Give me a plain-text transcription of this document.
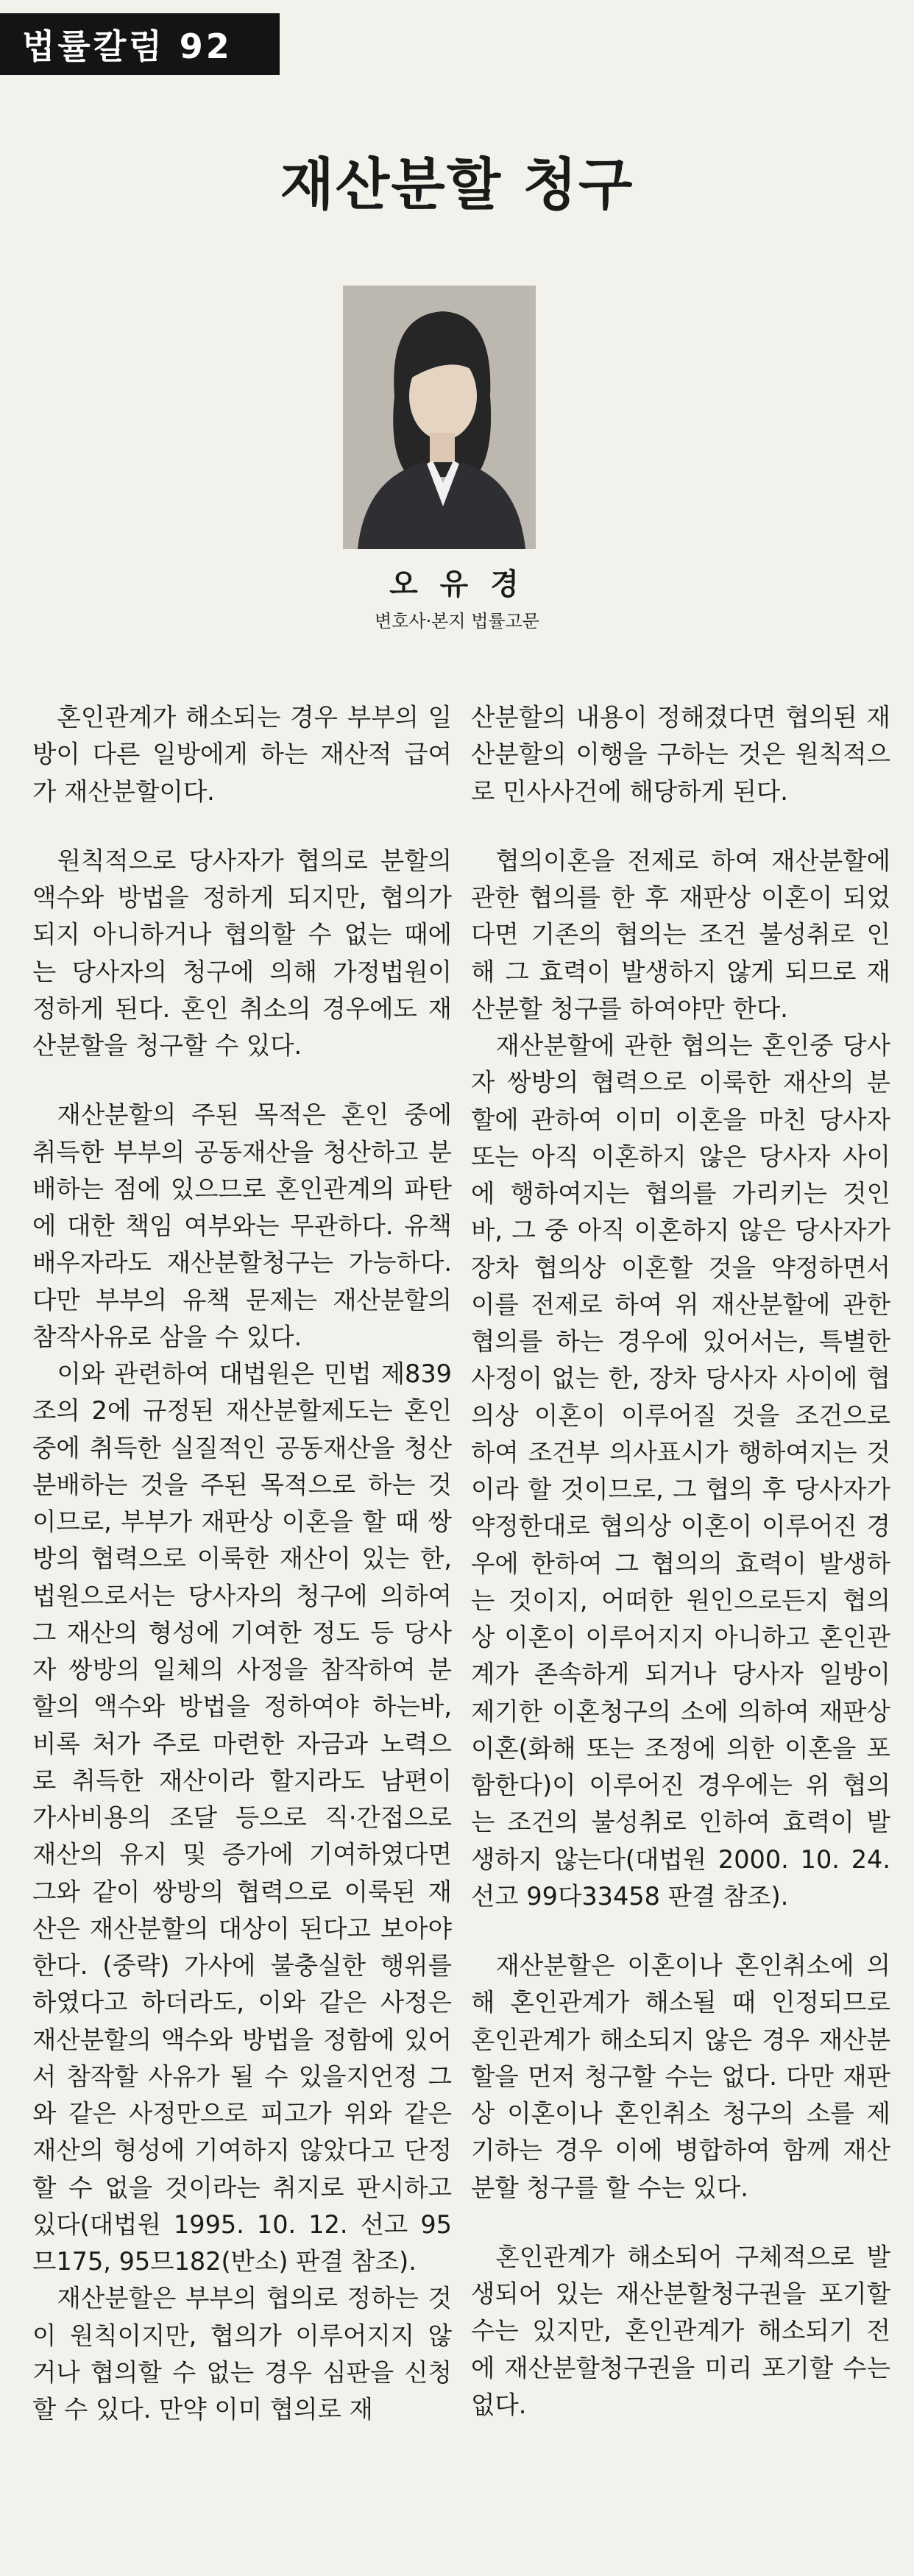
법률칼럼 92
재산분할 청구
오 유 경
변호사·본지 법률고문

혼인관계가 해소되는 경우 부부의 일방이 다른 일방에게 하는 재산적 급여가 재산분할이다.

원칙적으로 당사자가 협의로 분할의 액수와 방법을 정하게 되지만, 협의가 되지 아니하거나 협의할 수 없는 때에는 당사자의 청구에 의해 가정법원이 정하게 된다. 혼인 취소의 경우에도 재산분할을 청구할 수 있다.

재산분할의 주된 목적은 혼인 중에 취득한 부부의 공동재산을 청산하고 분배하는 점에 있으므로 혼인관계의 파탄에 대한 책임 여부와는 무관하다. 유책배우자라도 재산분할청구는 가능하다. 다만 부부의 유책 문제는 재산분할의 참작사유로 삼을 수 있다.

이와 관련하여 대법원은 민법 제839조의 2에 규정된 재산분할제도는 혼인 중에 취득한 실질적인 공동재산을 청산 분배하는 것을 주된 목적으로 하는 것이므로, 부부가 재판상 이혼을 할 때 쌍방의 협력으로 이룩한 재산이 있는 한, 법원으로서는 당사자의 청구에 의하여 그 재산의 형성에 기여한 정도 등 당사자 쌍방의 일체의 사정을 참작하여 분할의 액수와 방법을 정하여야 하는바, 비록 처가 주로 마련한 자금과 노력으로 취득한 재산이라 할지라도 남편이 가사비용의 조달 등으로 직·간접으로 재산의 유지 및 증가에 기여하였다면 그와 같이 쌍방의 협력으로 이룩된 재산은 재산분할의 대상이 된다고 보아야 한다. (중략) 가사에 불충실한 행위를 하였다고 하더라도, 이와 같은 사정은 재산분할의 액수와 방법을 정함에 있어서 참작할 사유가 될 수 있을지언정 그와 같은 사정만으로 피고가 위와 같은 재산의 형성에 기여하지 않았다고 단정할 수 없을 것이라는 취지로 판시하고 있다(대법원 1995. 10. 12. 선고 95므175, 95므182(반소) 판결 참조).

재산분할은 부부의 협의로 정하는 것이 원칙이지만, 협의가 이루어지지 않거나 협의할 수 없는 경우 심판을 신청할 수 있다. 만약 이미 협의로 재

산분할의 내용이 정해졌다면 협의된 재산분할의 이행을 구하는 것은 원칙적으로 민사사건에 해당하게 된다.

협의이혼을 전제로 하여 재산분할에 관한 협의를 한 후 재판상 이혼이 되었다면 기존의 협의는 조건 불성취로 인해 그 효력이 발생하지 않게 되므로 재산분할 청구를 하여야만 한다.

재산분할에 관한 협의는 혼인중 당사자 쌍방의 협력으로 이룩한 재산의 분할에 관하여 이미 이혼을 마친 당사자 또는 아직 이혼하지 않은 당사자 사이에 행하여지는 협의를 가리키는 것인바, 그 중 아직 이혼하지 않은 당사자가 장차 협의상 이혼할 것을 약정하면서 이를 전제로 하여 위 재산분할에 관한 협의를 하는 경우에 있어서는, 특별한 사정이 없는 한, 장차 당사자 사이에 협의상 이혼이 이루어질 것을 조건으로 하여 조건부 의사표시가 행하여지는 것이라 할 것이므로, 그 협의 후 당사자가 약정한대로 협의상 이혼이 이루어진 경우에 한하여 그 협의의 효력이 발생하는 것이지, 어떠한 원인으로든지 협의상 이혼이 이루어지지 아니하고 혼인관계가 존속하게 되거나 당사자 일방이 제기한 이혼청구의 소에 의하여 재판상 이혼(화해 또는 조정에 의한 이혼을 포함한다)이 이루어진 경우에는 위 협의는 조건의 불성취로 인하여 효력이 발생하지 않는다(대법원 2000. 10. 24. 선고 99다33458 판결 참조).

재산분할은 이혼이나 혼인취소에 의해 혼인관계가 해소될 때 인정되므로 혼인관계가 해소되지 않은 경우 재산분할을 먼저 청구할 수는 없다. 다만 재판상 이혼이나 혼인취소 청구의 소를 제기하는 경우 이에 병합하여 함께 재산분할 청구를 할 수는 있다.

혼인관계가 해소되어 구체적으로 발생되어 있는 재산분할청구권을 포기할 수는 있지만, 혼인관계가 해소되기 전에 재산분할청구권을 미리 포기할 수는 없다.
